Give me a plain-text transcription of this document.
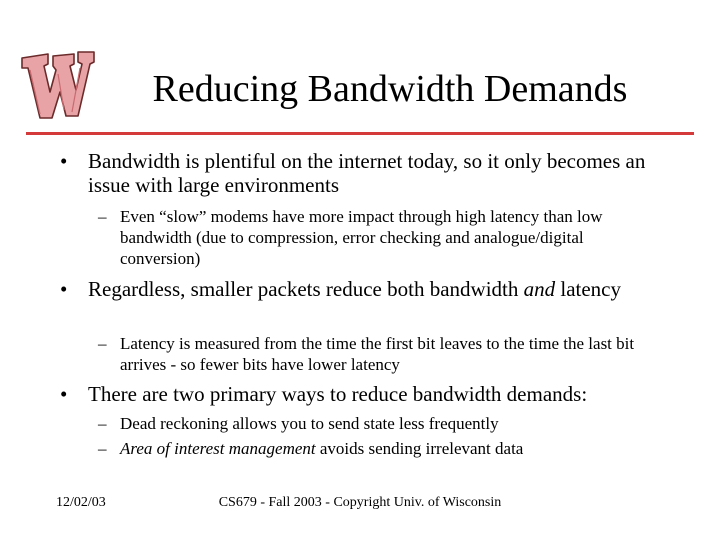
Reducing Bandwidth Demands
• Bandwidth is plentiful on the internet today, so it only becomes an issue with large environments
– Even “slow” modems have more impact through high latency than low bandwidth (due to compression, error checking and analogue/digital conversion)
• Regardless, smaller packets reduce both bandwidth and latency
– Latency is measured from the time the first bit leaves to the time the last bit arrives - so fewer bits have lower latency
• There are two primary ways to reduce bandwidth demands:
– Dead reckoning allows you to send state less frequently
– Area of interest management avoids sending irrelevant data
12/02/03	CS679 - Fall 2003 - Copyright Univ. of Wisconsin
